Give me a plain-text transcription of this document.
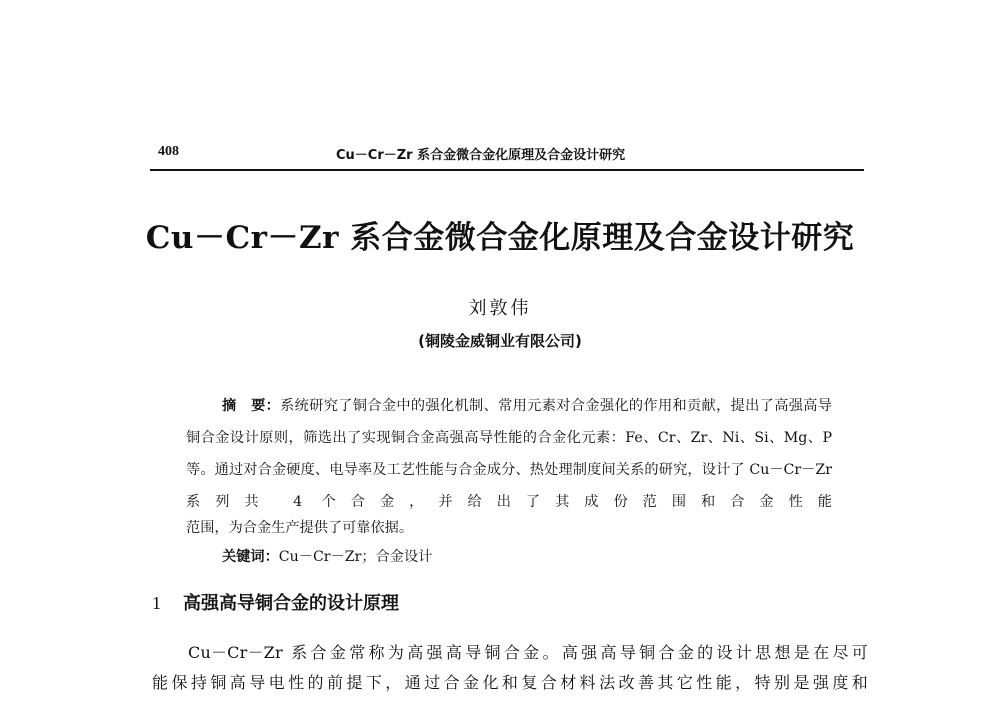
408	Cu－Cr－Zr 系合金微合金化原理及合金设计研究
Cu－Cr－Zr 系合金微合金化原理及合金设计研究
刘敦伟
(铜陵金威铜业有限公司)
摘　要：系统研究了铜合金中的强化机制、常用元素对合金强化的作用和贡献，提出了高强高导铜合金设计原则，筛选出了实现铜合金高强高导性能的合金化元素：Fe、Cr、Zr、Ni、Si、Mg、P 等。通过对合金硬度、电导率及工艺性能与合金成分、热处理制度间关系的研究，设计了 Cu－Cr－Zr 系列共 4 个合金，并给出了其成份范围和合金性能
范围，为合金生产提供了可靠依据。
关键词：Cu－Cr－Zr；合金设计
1 高强高导铜合金的设计原理
Cu－Cr－Zr 系合金常称为高强高导铜合金。高强高导铜合金的设计思想是在尽可
能保持铜高导电性的前提下，通过合金化和复合材料法改善其它性能，特别是强度和
